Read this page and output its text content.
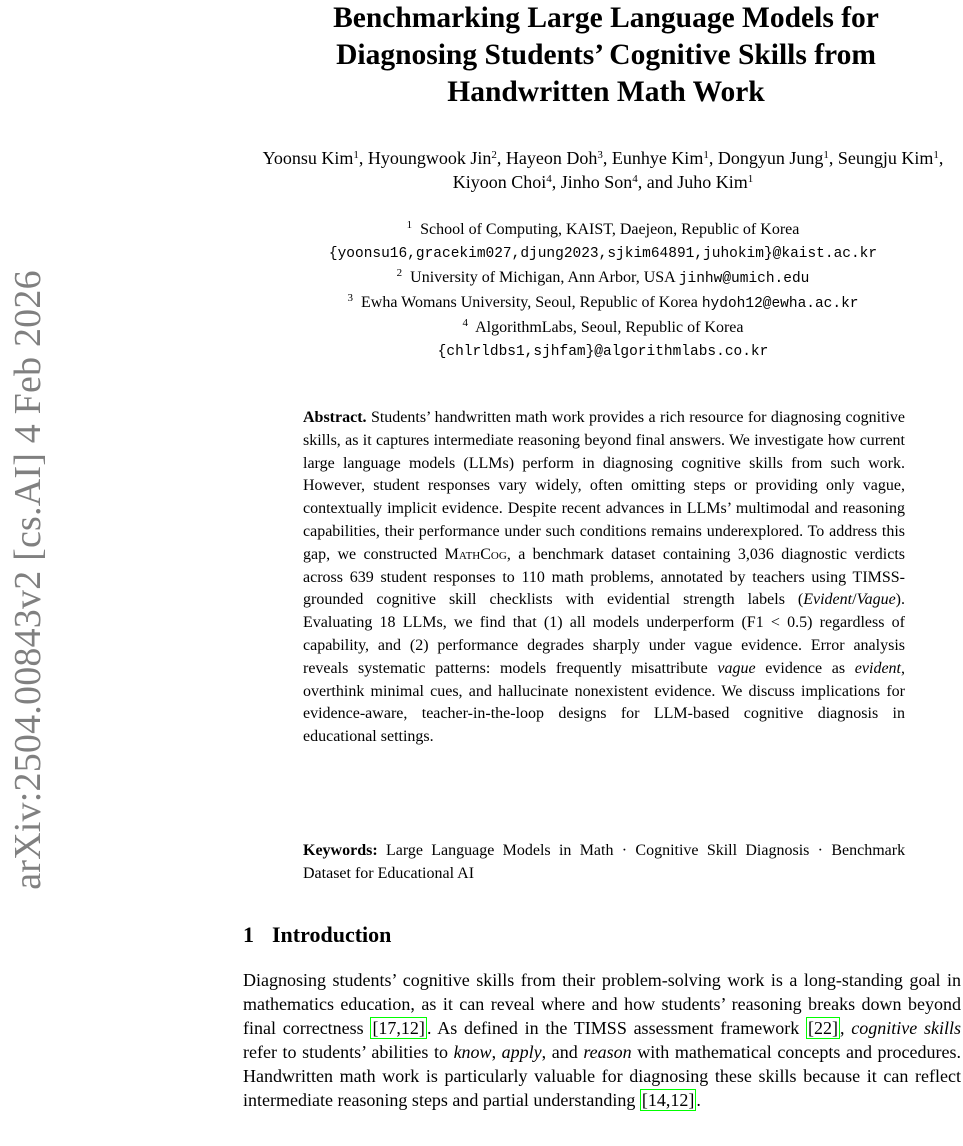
arXiv:2504.00843v2 [cs.AI] 4 Feb 2026
Benchmarking Large Language Models for
Diagnosing Students’ Cognitive Skills from
Handwritten Math Work
Yoonsu Kim$^1$, Hyoungwook Jin$^2$, Hayeon Doh$^3$, Eunhye Kim$^1$, Dongyun Jung$^1$, Seungju Kim$^1$, Kiyoon Choi$^4$, Jinho Son$^4$, and Juho Kim$^1$
$^1$ School of Computing, KAIST, Daejeon, Republic of Korea
{yoonsu16,gracekim027,djung2023,sjkim64891,juhokim}@kaist.ac.kr
$^2$ University of Michigan, Ann Arbor, USA jinhw@umich.edu
$^3$ Ewha Womans University, Seoul, Republic of Korea hydoh12@ewha.ac.kr
$^4$ AlgorithmLabs, Seoul, Republic of Korea
{chlrldbs1,sjhfam}@algorithmlabs.co.kr
Abstract. Students’ handwritten math work provides a rich resource for diagnosing cognitive skills, as it captures intermediate reasoning beyond final answers. We investigate how current large language models (LLMs) perform in diagnosing cognitive skills from such work. However, student responses vary widely, often omitting steps or providing only vague, contextually implicit evidence. Despite recent advances in LLMs’ multimodal and reasoning capabilities, their performance under such conditions remains underexplored. To address this gap, we constructed MathCog, a benchmark dataset containing 3,036 diagnostic verdicts across 639 student responses to 110 math problems, annotated by teachers using TIMSS-grounded cognitive skill checklists with evidential strength labels (Evident/Vague). Evaluating 18 LLMs, we find that (1) all models underperform (F1 < 0.5) regardless of capability, and (2) performance degrades sharply under vague evidence. Error analysis reveals systematic patterns: models frequently misattribute vague evidence as evident, overthink minimal cues, and hallucinate nonexistent evidence. We discuss implications for evidence-aware, teacher-in-the-loop designs for LLM-based cognitive diagnosis in educational settings.
Keywords: Large Language Models in Math · Cognitive Skill Diagnosis · Benchmark Dataset for Educational AI
1 Introduction
Diagnosing students’ cognitive skills from their problem-solving work is a long-standing goal in mathematics education, as it can reveal where and how students’ reasoning breaks down beyond final correctness [17,12] . As defined in the TIMSS assessment framework [22] , cognitive skills refer to students’ abilities to know, apply, and reason with mathematical concepts and procedures. Handwritten math work is particularly valuable for diagnosing these skills because it can reflect intermediate reasoning steps and partial understanding [14,12] .
